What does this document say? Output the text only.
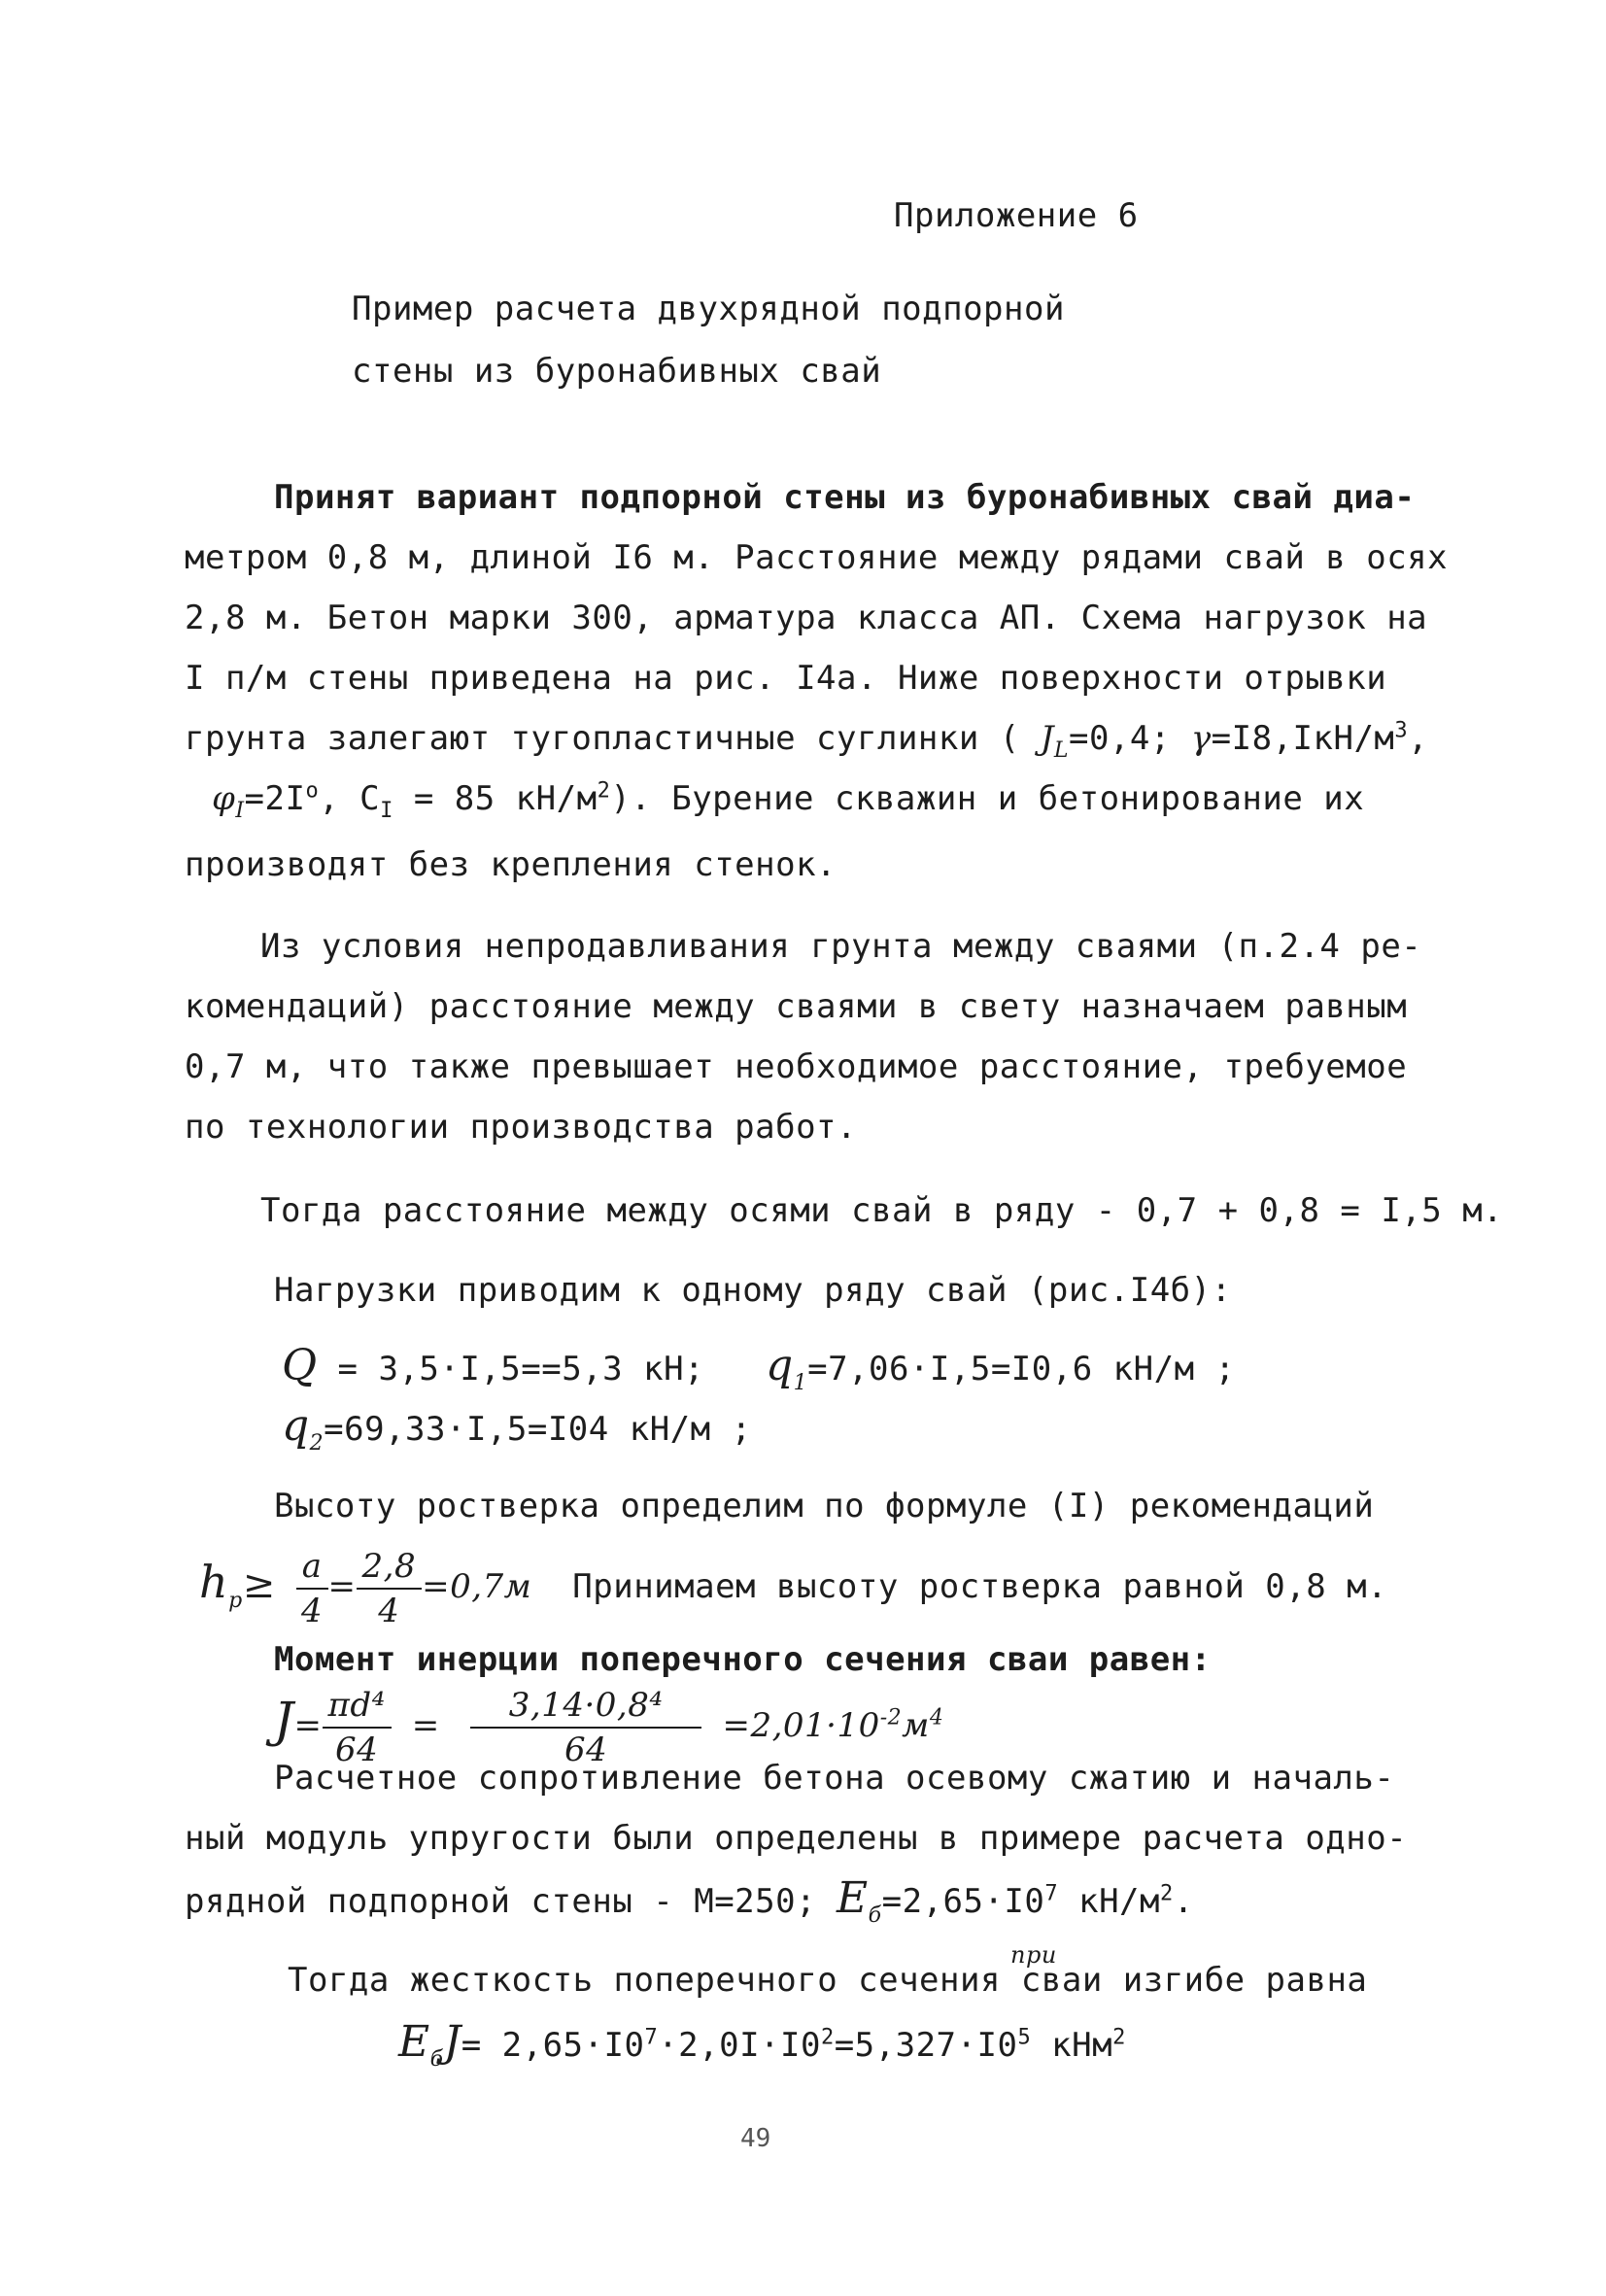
Приложение 6
Пример расчета двухрядной подпорной
стены из буронабивных свай
Принят вариант подпорной стены из буронабивных свай диа-
метром 0,8 м, длиной I6 м. Расстояние между рядами свай в осях
2,8 м. Бетон марки 300, арматура класса АП. Схема нагрузок на
I п/м стены приведена на рис. I4а. Ниже поверхности отрывки
грунта залегают тугопластичные суглинки ( $J_L=0,4$; $\gamma=I8,IкН/м^3$,
$\varphi_I=2I^о$, $С_I = 85$ $кН/м^2$). Бурение скважин и бетонирование их
производят без крепления стенок.
Из условия непродавливания грунта между сваями (п.2.4 ре-
комендаций) расстояние между сваями в свету назначаем равным
0,7 м, что также превышает необходимое расстояние, требуемое
по технологии производства работ.
Тогда расстояние между осями свай в ряду - 0,7 + 0,8 = I,5 м.
Нагрузки приводим к одному ряду свай (рис.I4б):
Q = 3,5·I,5==5,3 кН; $q_1=7,06\cdot I,5=I0,6$ кН/м ;
$q_2=69,33\cdot I,5=I04$ кН/м ;
Высоту ростверка определим по формуле (I) рекомендаций
$h_р\ge \frac{a}{4} = \frac{2,8}{4} =0,7м$ Принимаем высоту ростверка равной 0,8 м.
Момент инерции поперечного сечения сваи равен:
$J= \frac{\text{πd⁴}}{64} = \frac{\text{3,14·0,8⁴}}{64} =2,01\cdot 10^{-2}м^4$
Расчетное сопротивление бетона осевому сжатию и началь-
ный модуль упругости были определены в примере расчета одно-
рядной подпорной стены - М=250; $E_б=2,65\cdot I0^7$ $кН/м^2$.
при
Тогда жесткость поперечного сечения сваи изгибе равна
$E_бJ= 2,65\cdot I0^7\cdot 2,0I\cdot I0^2=5,327\cdot I0^5$ кНм$^2$
49
